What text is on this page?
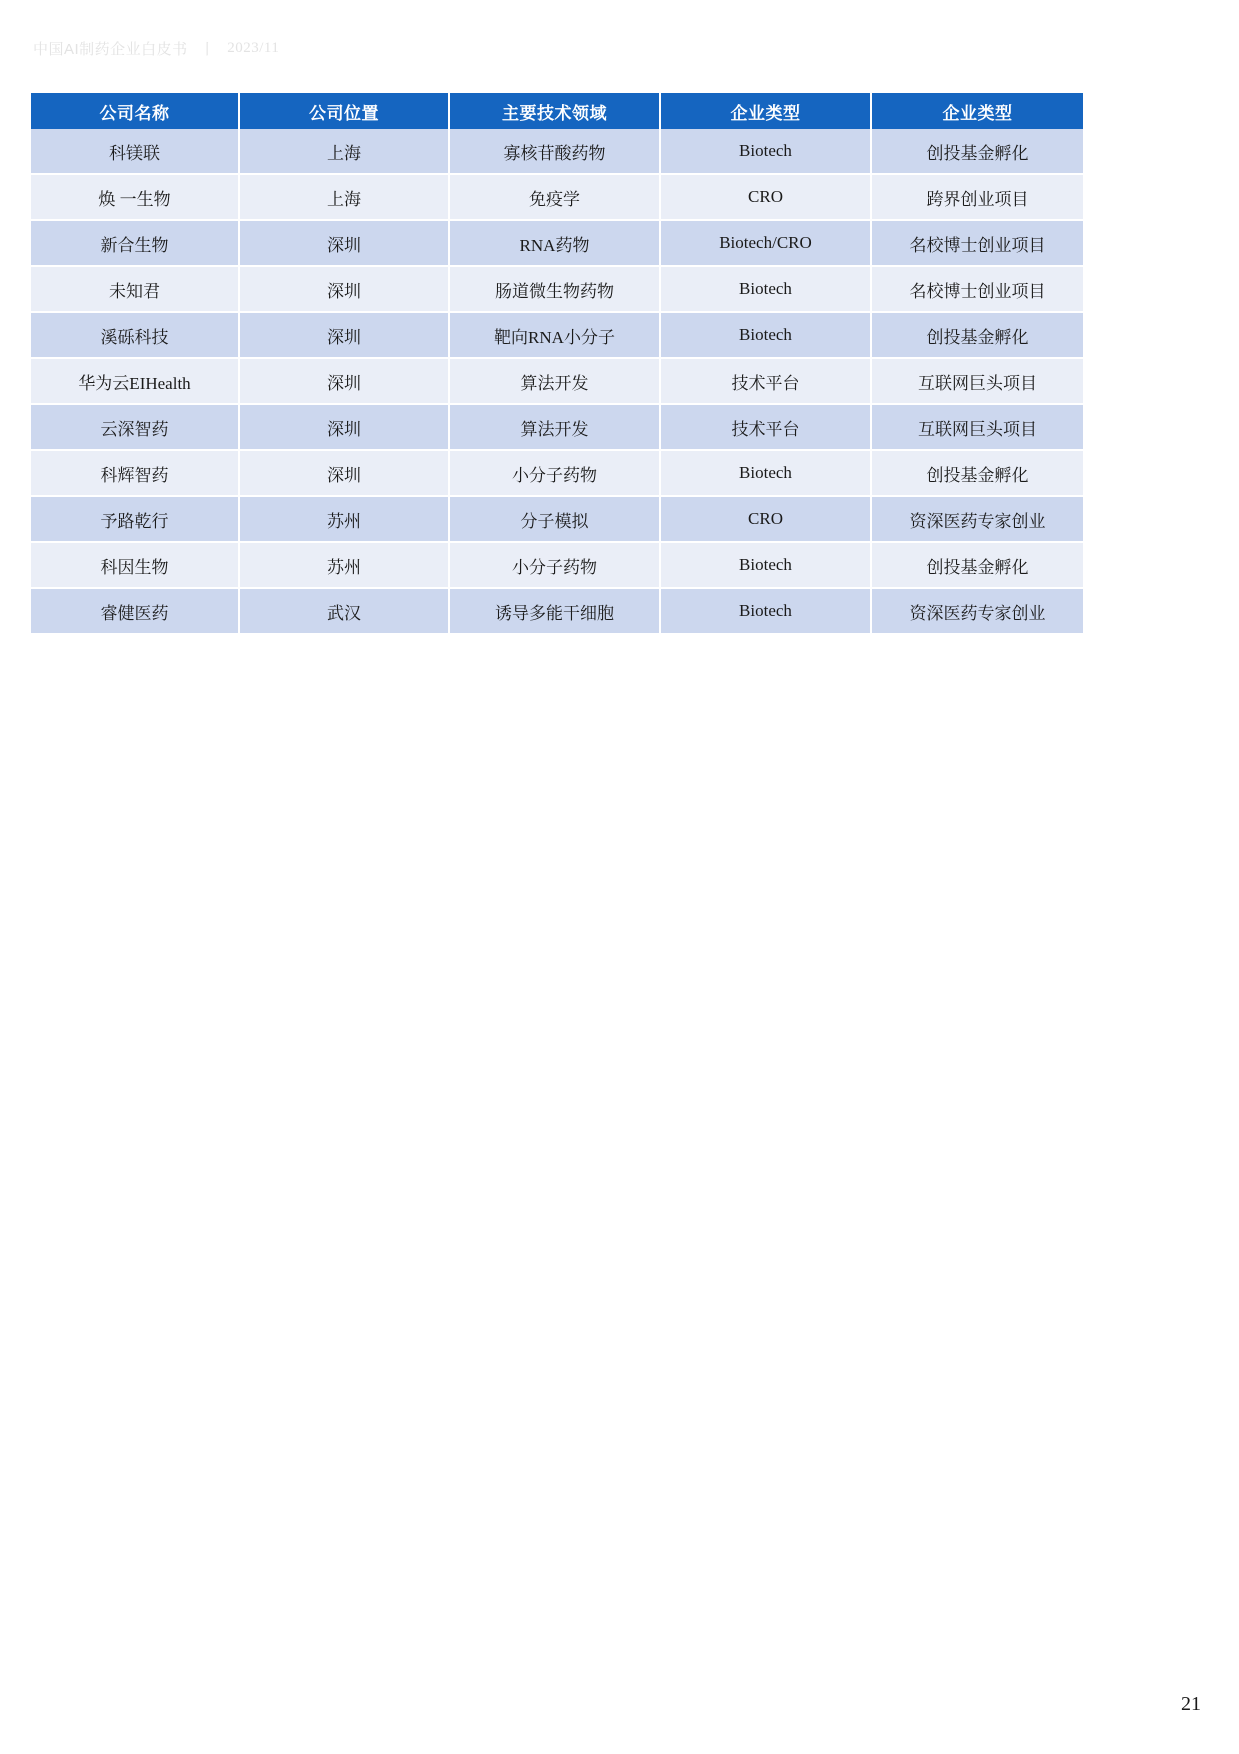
中国AI制药企业白皮书 丨 2023/11
公司名称	公司位置	主要技术领域	企业类型	企业类型
科镁联	上海	寡核苷酸药物	Biotech	创投基金孵化
焕 一生物	上海	免疫学	CRO	跨界创业项目
新合生物	深圳	RNA药物	Biotech/CRO	名校博士创业项目
未知君	深圳	肠道微生物药物	Biotech	名校博士创业项目
溪砾科技	深圳	靶向RNA小分子	Biotech	创投基金孵化
华为云EIHealth	深圳	算法开发	技术平台	互联网巨头项目
云深智药	深圳	算法开发	技术平台	互联网巨头项目
科辉智药	深圳	小分子药物	Biotech	创投基金孵化
予路乾行	苏州	分子模拟	CRO	资深医药专家创业
科因生物	苏州	小分子药物	Biotech	创投基金孵化
睿健医药	武汉	诱导多能干细胞	Biotech	资深医药专家创业
21
